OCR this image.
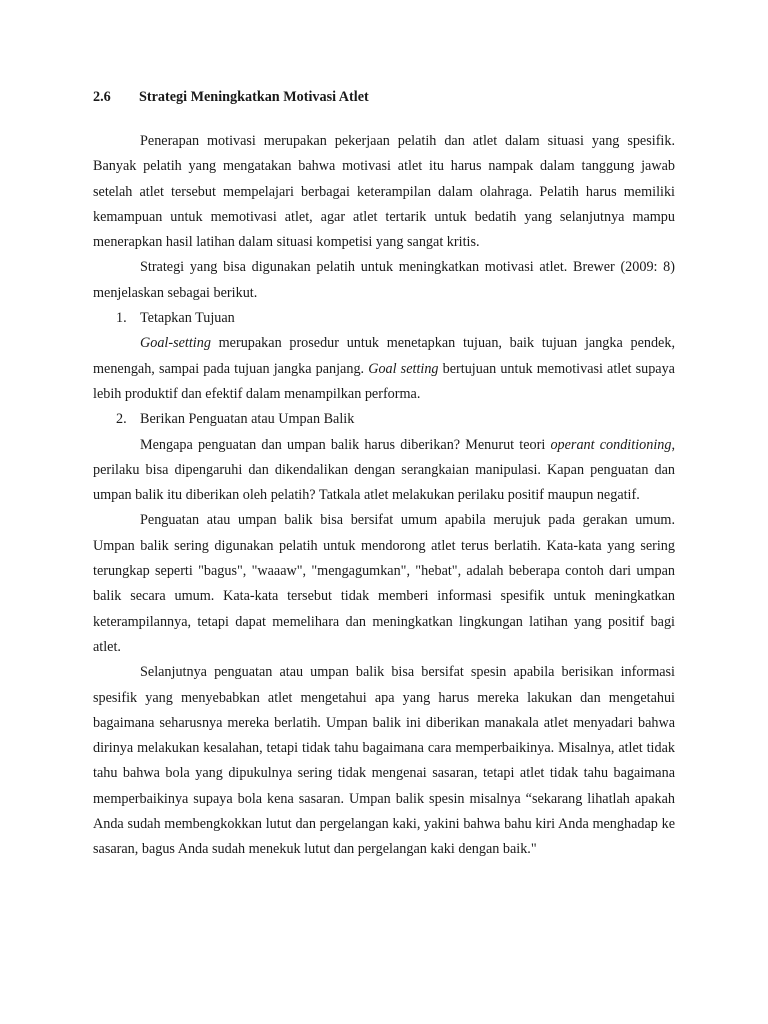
2.6	Strategi Meningkatkan Motivasi Atlet

Penerapan motivasi merupakan pekerjaan pelatih dan atlet dalam situasi yang spesifik. Banyak pelatih yang mengatakan bahwa motivasi atlet itu harus nampak dalam tanggung jawab setelah atlet tersebut mempelajari berbagai keterampilan dalam olahraga. Pelatih harus memiliki kemampuan untuk memotivasi atlet, agar atlet tertarik untuk bedatih yang selanjutnya mampu menerapkan hasil latihan dalam situasi kompetisi yang sangat kritis.

Strategi yang bisa digunakan pelatih untuk meningkatkan motivasi atlet. Brewer (2009: 8) menjelaskan sebagai berikut.

1. Tetapkan Tujuan

Goal-setting merupakan prosedur untuk menetapkan tujuan, baik tujuan jangka pendek, menengah, sampai pada tujuan jangka panjang. Goal setting bertujuan untuk memotivasi atlet supaya lebih produktif dan efektif dalam menampilkan performa.

2. Berikan Penguatan atau Umpan Balik

Mengapa penguatan dan umpan balik harus diberikan? Menurut teori operant conditioning, perilaku bisa dipengaruhi dan dikendalikan dengan serangkaian manipulasi. Kapan penguatan dan umpan balik itu diberikan oleh pelatih? Tatkala atlet melakukan perilaku positif maupun negatif.

Penguatan atau umpan balik bisa bersifat umum apabila merujuk pada gerakan umum. Umpan balik sering digunakan pelatih untuk mendorong atlet terus berlatih. Kata-kata yang sering terungkap seperti "bagus", "waaaw", "mengagumkan", "hebat", adalah beberapa contoh dari umpan balik secara umum. Kata-kata tersebut tidak memberi informasi spesifik untuk meningkatkan keterampilannya, tetapi dapat memelihara dan meningkatkan lingkungan latihan yang positif bagi atlet.

Selanjutnya penguatan atau umpan balik bisa bersifat spesin apabila berisikan informasi spesifik yang menyebabkan atlet mengetahui apa yang harus mereka lakukan dan mengetahui bagaimana seharusnya mereka berlatih. Umpan balik ini diberikan manakala atlet menyadari bahwa dirinya melakukan kesalahan, tetapi tidak tahu bagaimana cara memperbaikinya. Misalnya, atlet tidak tahu bahwa bola yang dipukulnya sering tidak mengenai sasaran, tetapi atlet tidak tahu bagaimana memperbaikinya supaya bola kena sasaran. Umpan balik spesin misalnya “sekarang lihatlah apakah Anda sudah membengkokkan lutut dan pergelangan kaki, yakini bahwa bahu kiri Anda menghadap ke sasaran, bagus Anda sudah menekuk lutut dan pergelangan kaki dengan baik."
